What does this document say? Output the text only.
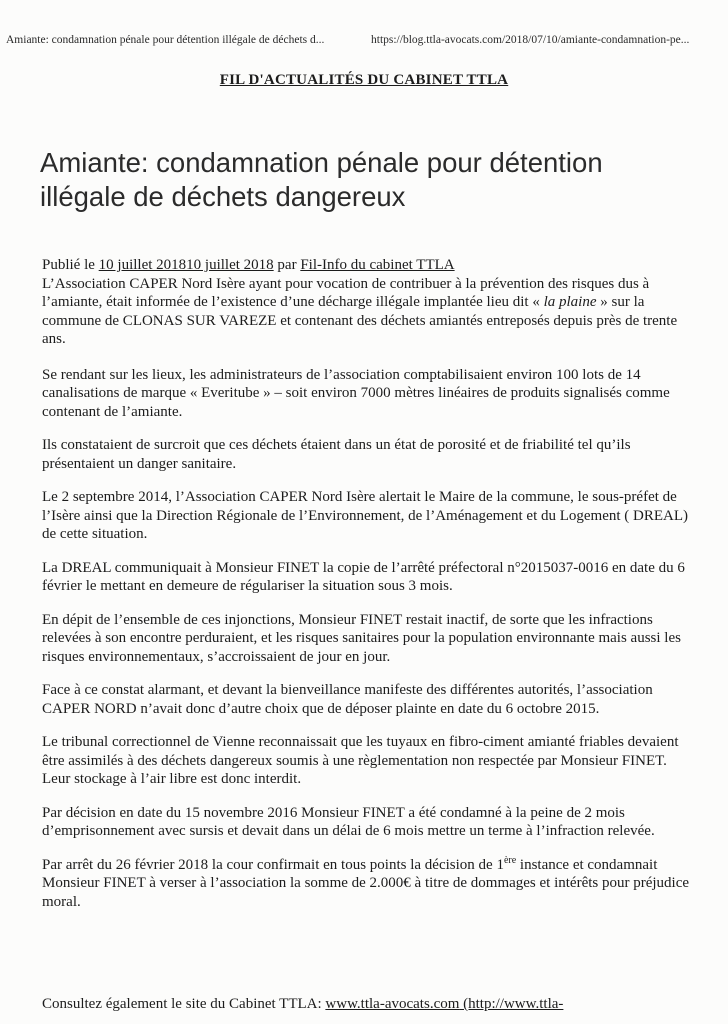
Amiante: condamnation pénale pour détention illégale de déchets d...	https://blog.ttla-avocats.com/2018/07/10/amiante-condamnation-pe...
FIL D'ACTUALITÉS DU CABINET TTLA
Amiante: condamnation pénale pour détention
illégale de déchets dangereux

Publié le 10 juillet 201810 juillet 2018 par Fil-Info du cabinet TTLA
L’Association CAPER Nord Isère ayant pour vocation de contribuer à la prévention des risques dus à l’amiante, était informée de l’existence d’une décharge illégale implantée lieu dit « la plaine » sur la commune de CLONAS SUR VAREZE et contenant des déchets amiantés entreposés depuis près de trente ans.

Se rendant sur les lieux, les administrateurs de l’association comptabilisaient environ 100 lots de 14 canalisations de marque « Everitube » – soit environ 7000 mètres linéaires de produits signalisés comme contenant de l’amiante.

Ils constataient de surcroit que ces déchets étaient dans un état de porosité et de friabilité tel qu’ils présentaient un danger sanitaire.

Le 2 septembre 2014, l’Association CAPER Nord Isère alertait le Maire de la commune, le sous-préfet de l’Isère ainsi que la Direction Régionale de l’Environnement, de l’Aménagement et du Logement ( DREAL) de cette situation.

La DREAL communiquait à Monsieur FINET la copie de l’arrêté préfectoral n°2015037-0016 en date du 6 février le mettant en demeure de régulariser la situation sous 3 mois.

En dépit de l’ensemble de ces injonctions, Monsieur FINET restait inactif, de sorte que les infractions relevées à son encontre perduraient, et les risques sanitaires pour la population environnante mais aussi les risques environnementaux, s’accroissaient de jour en jour.

Face à ce constat alarmant, et devant la bienveillance manifeste des différentes autorités, l’association CAPER NORD n’avait donc d’autre choix que de déposer plainte en date du 6 octobre 2015.

Le tribunal correctionnel de Vienne reconnaissait que les tuyaux en fibro-ciment amianté friables devaient être assimilés à des déchets dangereux soumis à une règlementation non respectée par Monsieur FINET. Leur stockage à l’air libre est donc interdit.

Par décision en date du 15 novembre 2016 Monsieur FINET a été condamné à la peine de 2 mois d’emprisonnement avec sursis et devait dans un délai de 6 mois mettre un terme à l’infraction relevée.

Par arrêt du 26 février 2018 la cour confirmait en tous points la décision de 1ère instance et condamnait Monsieur FINET à verser à l’association la somme de 2.000€ à titre de dommages et intérêts pour préjudice moral.

Consultez également le site du Cabinet TTLA: www.ttla-avocats.com (http://www.ttla-
